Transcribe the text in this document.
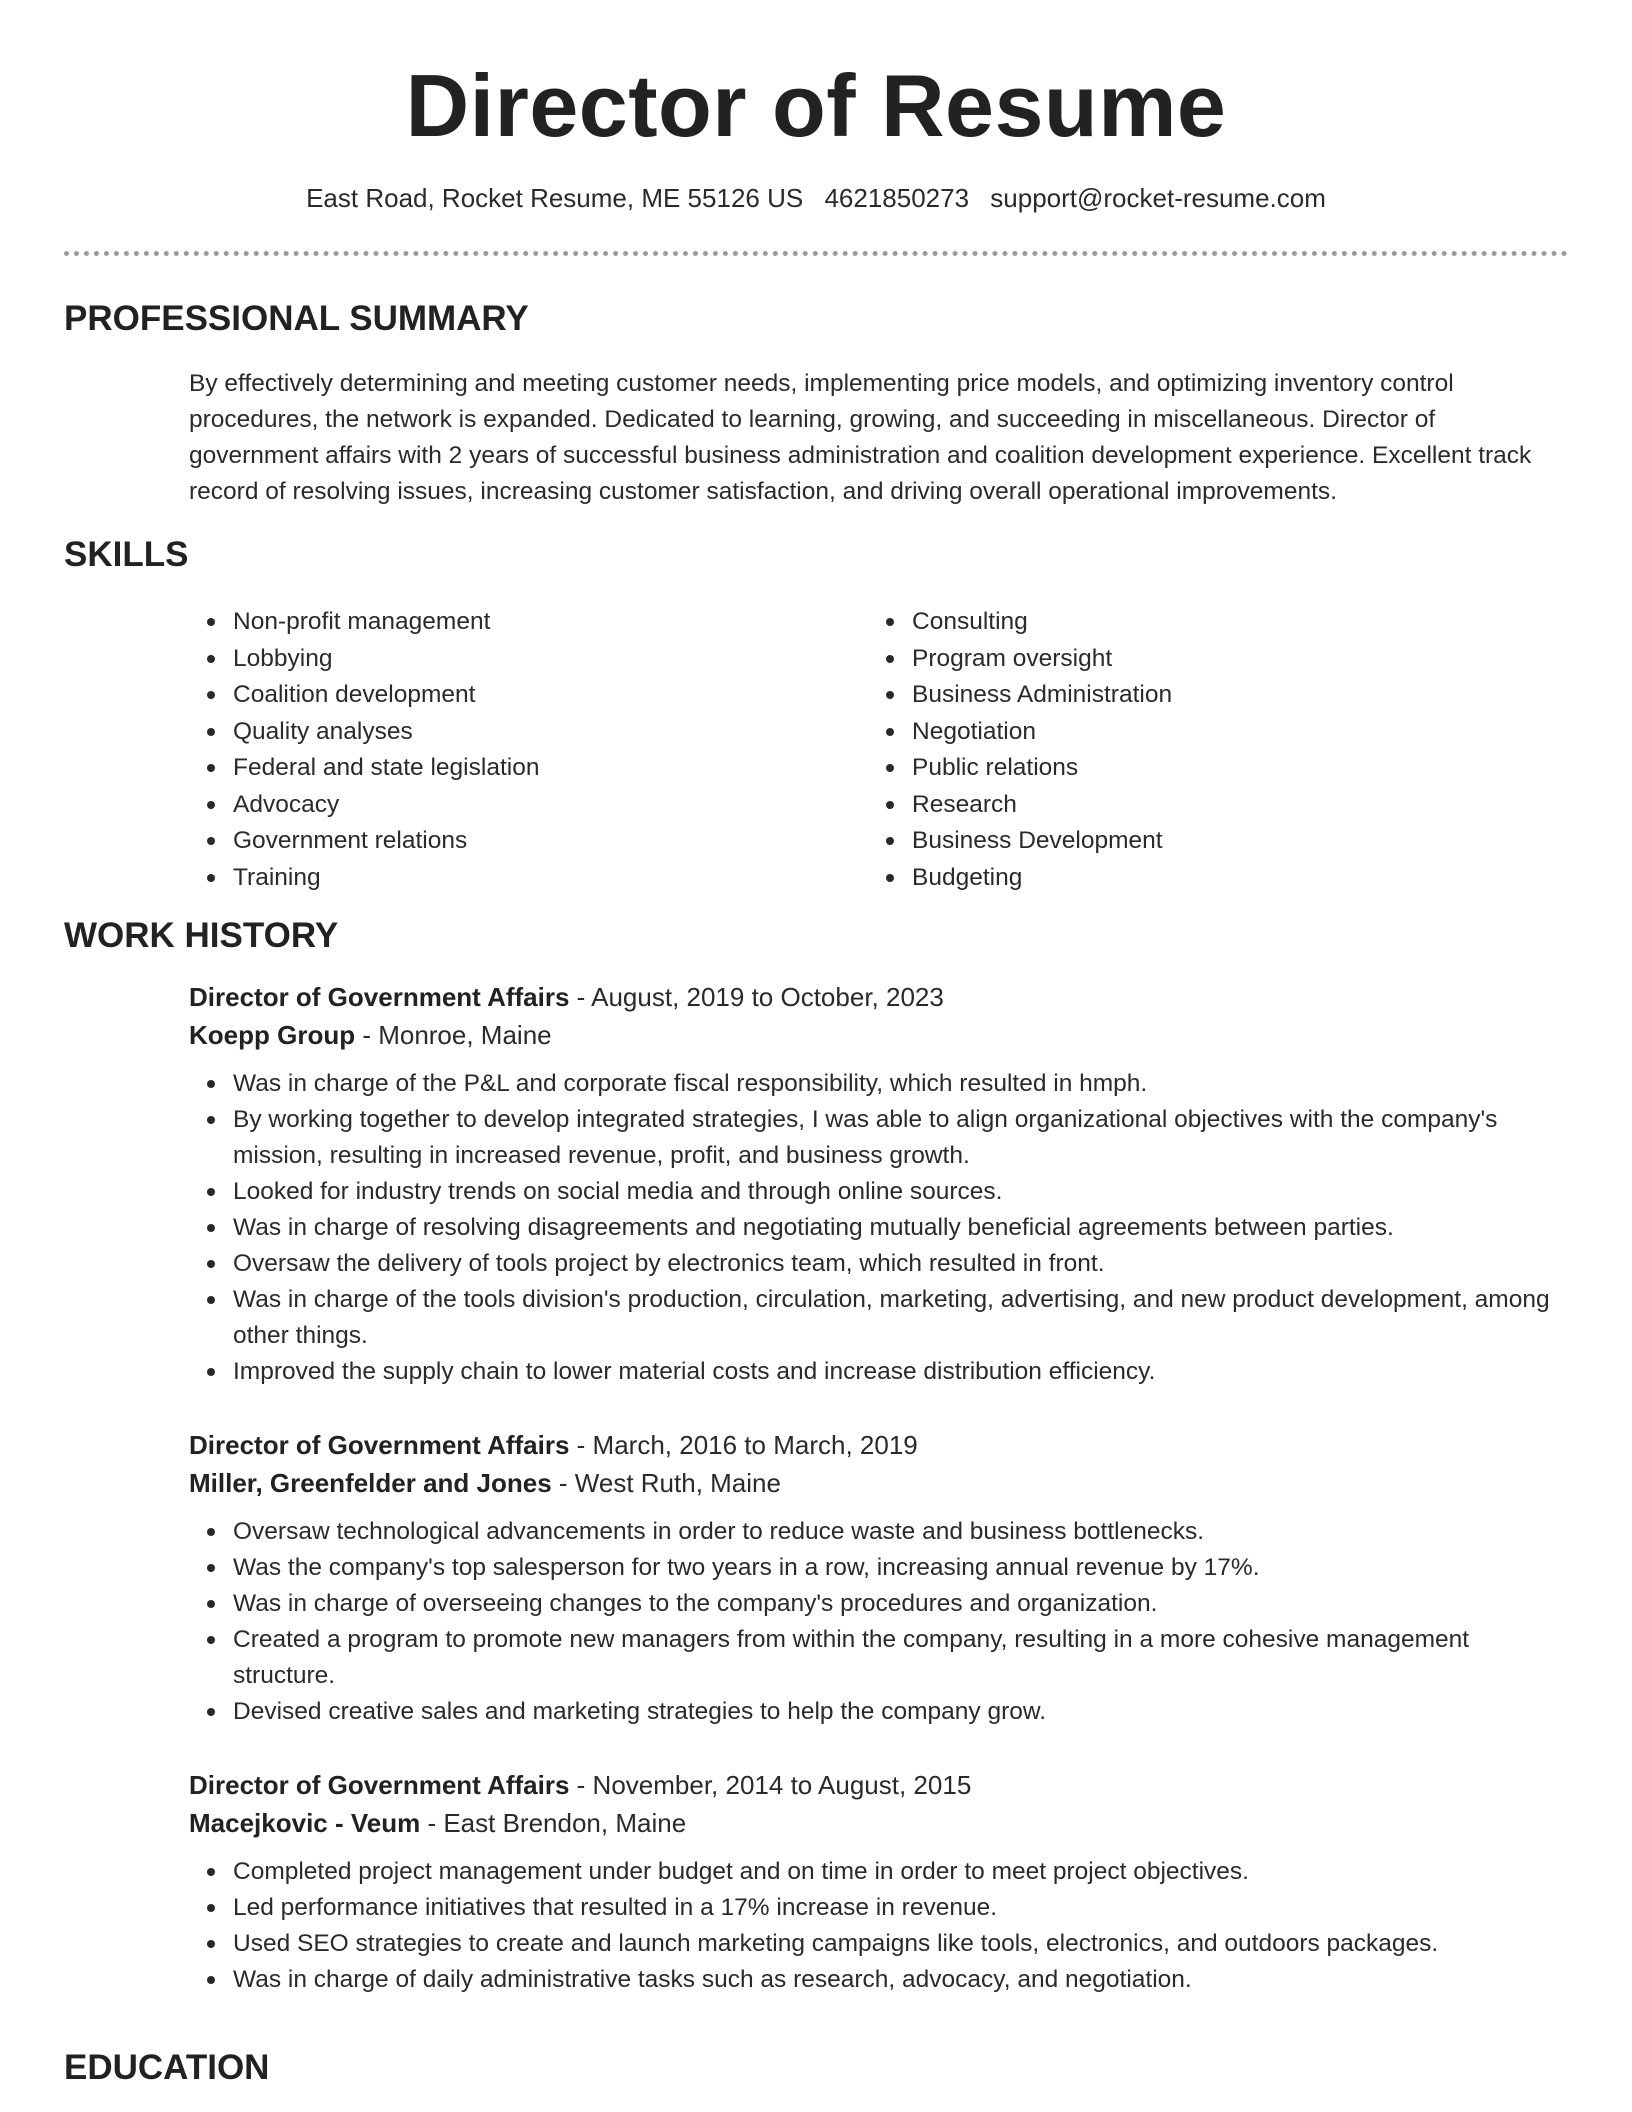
Director of Resume
East Road, Rocket Resume, ME 55126 US 4621850273 support@rocket-resume.com
PROFESSIONAL SUMMARY

By effectively determining and meeting customer needs, implementing price models, and optimizing inventory control procedures, the network is expanded. Dedicated to learning, growing, and succeeding in miscellaneous. Director of government affairs with 2 years of successful business administration and coalition development experience. Excellent track record of resolving issues, increasing customer satisfaction, and driving overall operational improvements.

SKILLS
Non-profit management
Lobbying
Coalition development
Quality analyses
Federal and state legislation
Advocacy
Government relations
Training
Consulting
Program oversight
Business Administration
Negotiation
Public relations
Research
Business Development
Budgeting
WORK HISTORY
Director of Government Affairs - August, 2019 to October, 2023
Koepp Group - Monroe, Maine
Was in charge of the P&L and corporate fiscal responsibility, which resulted in hmph.
By working together to develop integrated strategies, I was able to align organizational objectives with the company's mission, resulting in increased revenue, profit, and business growth.
Looked for industry trends on social media and through online sources.
Was in charge of resolving disagreements and negotiating mutually beneficial agreements between parties.
Oversaw the delivery of tools project by electronics team, which resulted in front.
Was in charge of the tools division's production, circulation, marketing, advertising, and new product development, among other things.
Improved the supply chain to lower material costs and increase distribution efficiency.
Director of Government Affairs - March, 2016 to March, 2019
Miller, Greenfelder and Jones - West Ruth, Maine
Oversaw technological advancements in order to reduce waste and business bottlenecks.
Was the company's top salesperson for two years in a row, increasing annual revenue by 17%.
Was in charge of overseeing changes to the company's procedures and organization.
Created a program to promote new managers from within the company, resulting in a more cohesive management structure.
Devised creative sales and marketing strategies to help the company grow.
Director of Government Affairs - November, 2014 to August, 2015
Macejkovic - Veum - East Brendon, Maine
Completed project management under budget and on time in order to meet project objectives.
Led performance initiatives that resulted in a 17% increase in revenue.
Used SEO strategies to create and launch marketing campaigns like tools, electronics, and outdoors packages.
Was in charge of daily administrative tasks such as research, advocacy, and negotiation.
EDUCATION
